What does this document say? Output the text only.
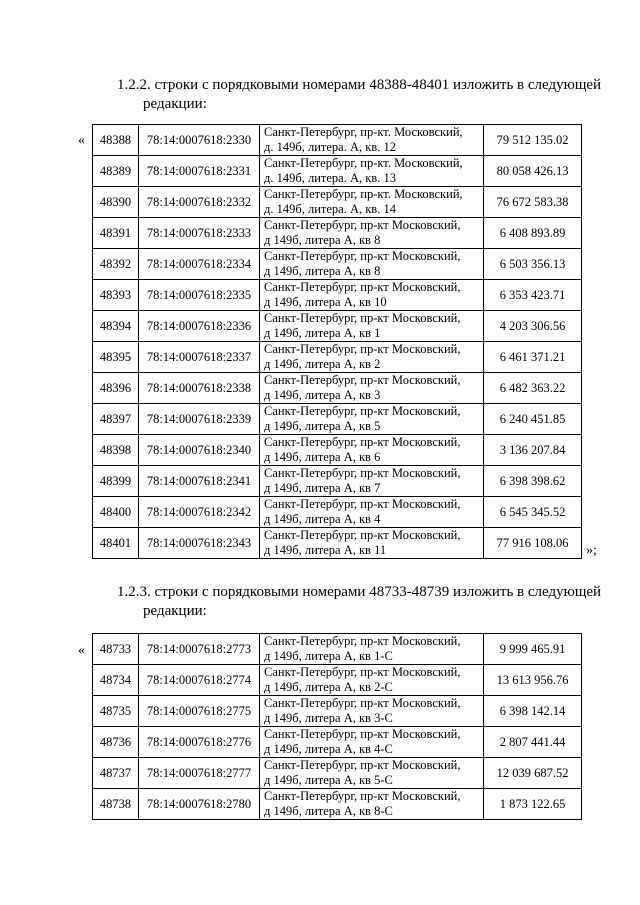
1.2.2. строки с порядковыми номерами 48388-48401 изложить в следующей
редакции:
« 48388	78:14:0007618:2330	Санкт-Петербург, пр-кт. Московский,
д. 149б, литера. А, кв. 12	79 512 135.02
48389	78:14:0007618:2331	Санкт-Петербург, пр-кт. Московский,
д. 149б, литера. А, кв. 13	80 058 426.13
48390	78:14:0007618:2332	Санкт-Петербург, пр-кт. Московский,
д. 149б, литера. А, кв. 14	76 672 583.38
48391	78:14:0007618:2333	Санкт-Петербург, пр-кт Московский,
д 149б, литера А, кв 8	6 408 893.89
48392	78:14:0007618:2334	Санкт-Петербург, пр-кт Московский,
д 149б, литера А, кв 8	6 503 356.13
48393	78:14:0007618:2335	Санкт-Петербург, пр-кт Московский,
д 149б, литера А, кв 10	6 353 423.71
48394	78:14:0007618:2336	Санкт-Петербург, пр-кт Московский,
д 149б, литера А, кв 1	4 203 306.56
48395	78:14:0007618:2337	Санкт-Петербург, пр-кт Московский,
д 149б, литера А, кв 2	6 461 371.21
48396	78:14:0007618:2338	Санкт-Петербург, пр-кт Московский,
д 149б, литера А, кв 3	6 482 363.22
48397	78:14:0007618:2339	Санкт-Петербург, пр-кт Московский,
д 149б, литера А, кв 5	6 240 451.85
48398	78:14:0007618:2340	Санкт-Петербург, пр-кт Московский,
д 149б, литера А, кв 6	3 136 207.84
48399	78:14:0007618:2341	Санкт-Петербург, пр-кт Московский,
д 149б, литера А, кв 7	6 398 398.62
48400	78:14:0007618:2342	Санкт-Петербург, пр-кт Московский,
д 149б, литера А, кв 4	6 545 345.52
48401	78:14:0007618:2343	Санкт-Петербург, пр-кт Московский,
д 149б, литера А, кв 11	77 916 108.06
»;
1.2.3. строки с порядковыми номерами 48733-48739 изложить в следующей
редакции:
« 48733	78:14:0007618:2773	Санкт-Петербург, пр-кт Московский,
д 149б, литера А, кв 1-С	9 999 465.91
48734	78:14:0007618:2774	Санкт-Петербург, пр-кт Московский,
д 149б, литера А, кв 2-С	13 613 956.76
48735	78:14:0007618:2775	Санкт-Петербург, пр-кт Московский,
д 149б, литера А, кв 3-С	6 398 142.14
48736	78:14:0007618:2776	Санкт-Петербург, пр-кт Московский,
д 149б, литера А, кв 4-С	2 807 441.44
48737	78:14:0007618:2777	Санкт-Петербург, пр-кт Московский,
д 149б, литера А, кв 5-С	12 039 687.52
48738	78:14:0007618:2780	Санкт-Петербург, пр-кт Московский,
д 149б, литера А, кв 8-С	1 873 122.65
